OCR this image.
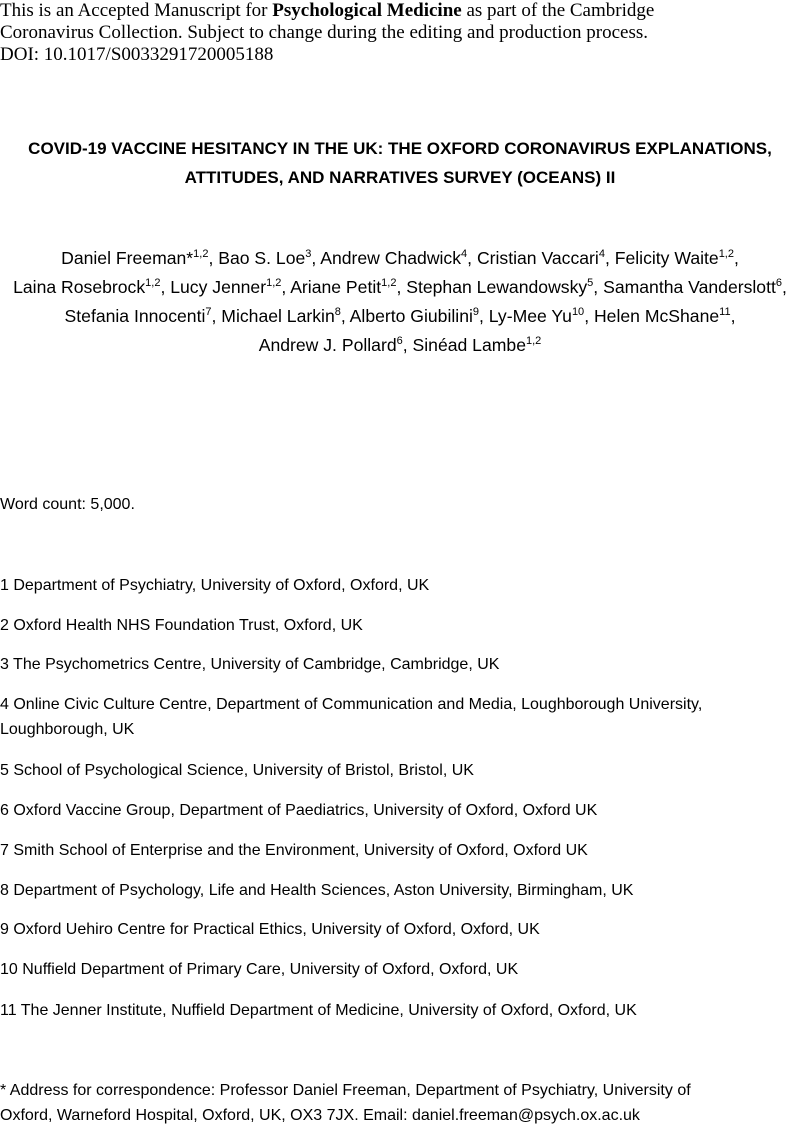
This is an Accepted Manuscript for Psychological Medicine as part of the Cambridge
Coronavirus Collection. Subject to change during the editing and production process.
DOI: 10.1017/S0033291720005188
COVID-19 VACCINE HESITANCY IN THE UK: THE OXFORD CORONAVIRUS EXPLANATIONS,
ATTITUDES, AND NARRATIVES SURVEY (OCEANS) II
Daniel Freeman*$^{1,2}$, Bao S. Loe$^3$, Andrew Chadwick$^4$, Cristian Vaccari$^4$, Felicity Waite$^{1,2}$,
Laina Rosebrock$^{1,2}$, Lucy Jenner$^{1,2}$, Ariane Petit$^{1,2}$, Stephan Lewandowsky$^5$, Samantha Vanderslott$^6$,
Stefania Innocenti$^7$, Michael Larkin$^8$, Alberto Giubilini$^9$, Ly-Mee Yu$^{10}$, Helen McShane$^{11}$,
Andrew J. Pollard$^6$, Sinéad Lambe$^{1,2}$
Word count: 5,000.
1 Department of Psychiatry, University of Oxford, Oxford, UK
2 Oxford Health NHS Foundation Trust, Oxford, UK
3 The Psychometrics Centre, University of Cambridge, Cambridge, UK
4 Online Civic Culture Centre, Department of Communication and Media, Loughborough University,
Loughborough, UK
5 School of Psychological Science, University of Bristol, Bristol, UK
6 Oxford Vaccine Group, Department of Paediatrics, University of Oxford, Oxford UK
7 Smith School of Enterprise and the Environment, University of Oxford, Oxford UK
8 Department of Psychology, Life and Health Sciences, Aston University, Birmingham, UK
9 Oxford Uehiro Centre for Practical Ethics, University of Oxford, Oxford, UK
10 Nuffield Department of Primary Care, University of Oxford, Oxford, UK
11 The Jenner Institute, Nuffield Department of Medicine, University of Oxford, Oxford, UK
* Address for correspondence: Professor Daniel Freeman, Department of Psychiatry, University of
Oxford, Warneford Hospital, Oxford, UK, OX3 7JX. Email: daniel.freeman@psych.ox.ac.uk
